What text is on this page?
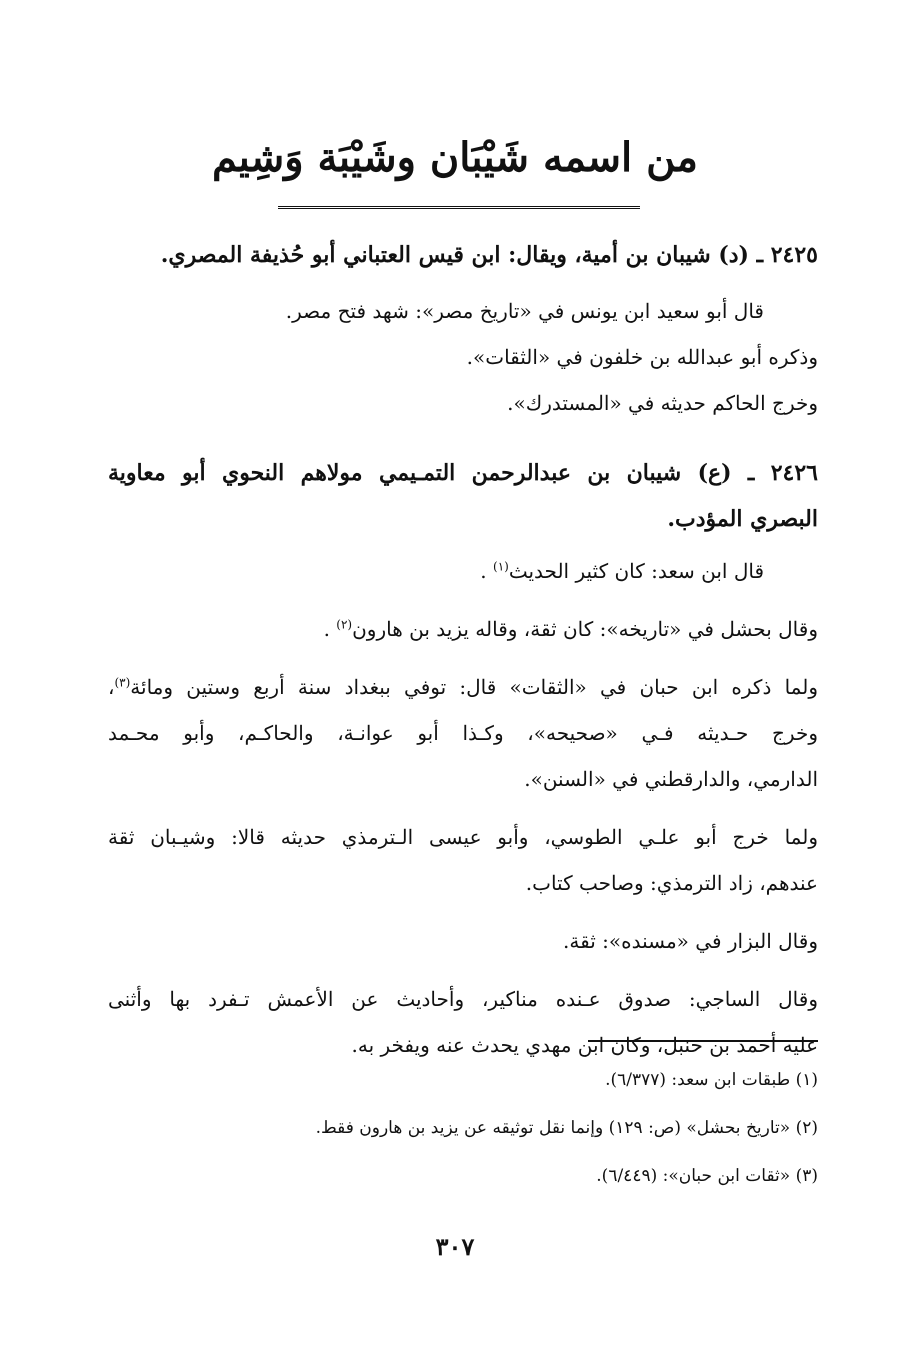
من اسمه شَيْبَان وشَيْبَة وَشِيم
٢٤٢٥ ـ (د) شيبان بن أمية، ويقال: ابن قيس العتباني أبو حُذيفة المصري.
قال أبو سعيد ابن يونس في «تاريخ مصر»: شهد فتح مصر.
وذكره أبو عبدالله بن خلفون في «الثقات».
وخرج الحاكم حديثه في «المستدرك».
٢٤٢٦ ـ (ع) شيبان بن عبدالرحمن التمـيمي مولاهم النحوي أبو معاوية
البصري المؤدب.
قال ابن سعد: كان كثير الحديث$^{(١)}$ .
وقال بحشل في «تاريخه»: كان ثقة، وقاله يزيد بن هارون$^{(٢)}$ .
ولما ذكره ابن حبان في «الثقات» قال: توفي ببغداد سنة أربع وستين ومائة$^{(٣)}$،
وخرج حـديثه فـي «صحيحه»، وكـذا أبو عوانـة، والحاكـم، وأبو محـمد
الدارمي، والدارقطني في «السنن».
ولما خرج أبو علـي الطوسي، وأبو عيسى الـترمذي حديثه قالا: وشيـبان ثقة
عندهم، زاد الترمذي: وصاحب كتاب.
وقال البزار في «مسنده»: ثقة.
وقال الساجي: صدوق عـنده مناكير، وأحاديث عن الأعمش تـفرد بها وأثنى
عليه أحمد بن حنبل، وكان ابن مهدي يحدث عنه ويفخر به.
(١) طبقات ابن سعد: (٦/٣٧٧).
(٢) «تاريخ بحشل» (ص: ١٢٩) وإنما نقل توثيقه عن يزيد بن هارون فقط.
(٣) «ثقات ابن حبان»: (٦/٤٤٩).
٣٠٧
